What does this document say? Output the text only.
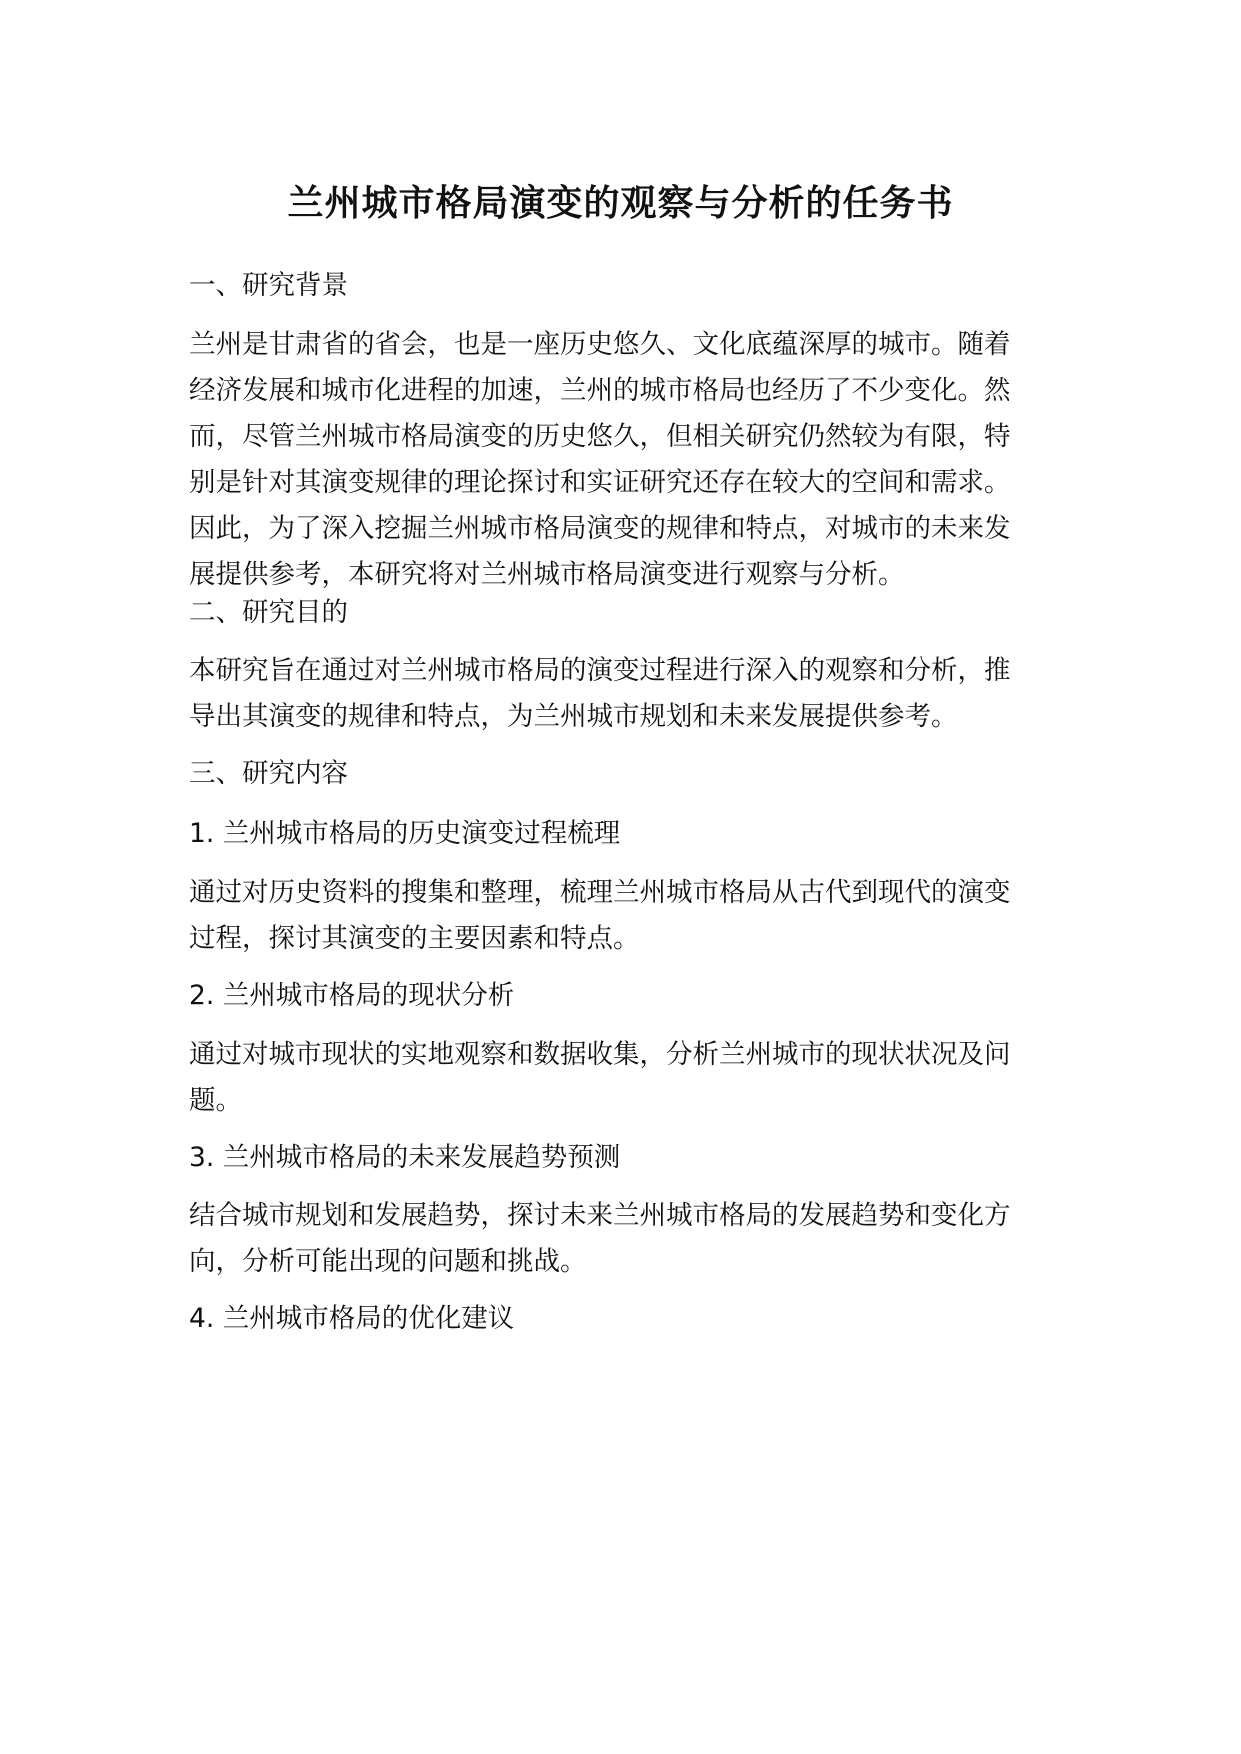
兰州城市格局演变的观察与分析的任务书

一、研究背景

兰州是甘肃省的省会，也是一座历史悠久、文化底蕴深厚的城市。随着
经济发展和城市化进程的加速，兰州的城市格局也经历了不少变化。然
而，尽管兰州城市格局演变的历史悠久，但相关研究仍然较为有限，特
别是针对其演变规律的理论探讨和实证研究还存在较大的空间和需求。
因此，为了深入挖掘兰州城市格局演变的规律和特点，对城市的未来发
展提供参考，本研究将对兰州城市格局演变进行观察与分析。

二、研究目的

本研究旨在通过对兰州城市格局的演变过程进行深入的观察和分析，推
导出其演变的规律和特点，为兰州城市规划和未来发展提供参考。

三、研究内容

1. 兰州城市格局的历史演变过程梳理

通过对历史资料的搜集和整理，梳理兰州城市格局从古代到现代的演变
过程，探讨其演变的主要因素和特点。

2. 兰州城市格局的现状分析

通过对城市现状的实地观察和数据收集，分析兰州城市的现状状况及问
题。

3. 兰州城市格局的未来发展趋势预测

结合城市规划和发展趋势，探讨未来兰州城市格局的发展趋势和变化方
向，分析可能出现的问题和挑战。

4. 兰州城市格局的优化建议
